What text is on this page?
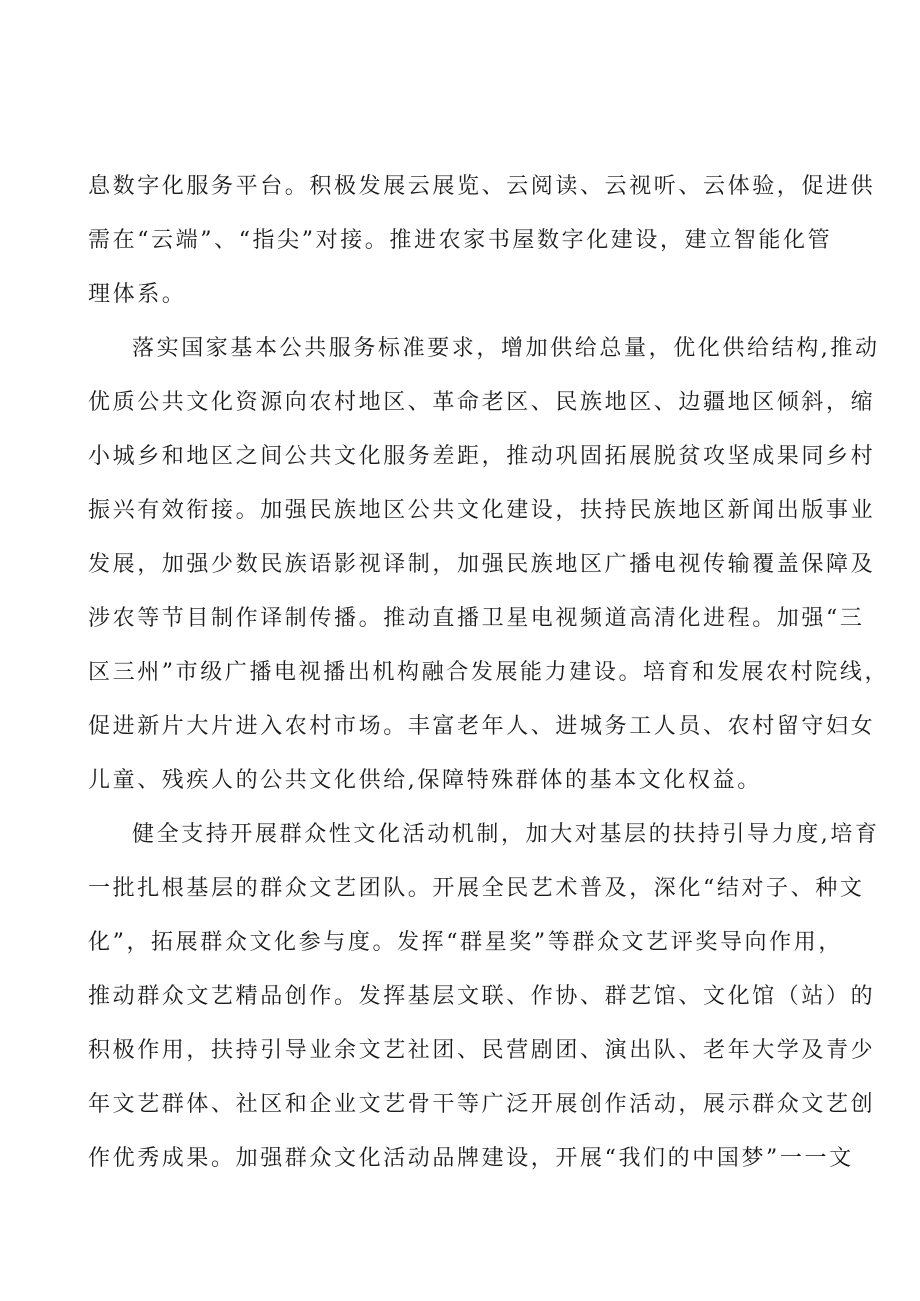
息数字化服务平台。积极发展云展览、云阅读、云视听、云体验，促进供
需在“云端”、“指尖”对接。推进农家书屋数字化建设，建立智能化管
理体系。
落实国家基本公共服务标准要求，增加供给总量，优化供给结构,推动
优质公共文化资源向农村地区、革命老区、民族地区、边疆地区倾斜，缩
小城乡和地区之间公共文化服务差距，推动巩固拓展脱贫攻坚成果同乡村
振兴有效衔接。加强民族地区公共文化建设，扶持民族地区新闻出版事业
发展，加强少数民族语影视译制，加强民族地区广播电视传输覆盖保障及
涉农等节目制作译制传播。推动直播卫星电视频道高清化进程。加强“三
区三州”市级广播电视播出机构融合发展能力建设。培育和发展农村院线，
促进新片大片进入农村市场。丰富老年人、进城务工人员、农村留守妇女
儿童、残疾人的公共文化供给,保障特殊群体的基本文化权益。
健全支持开展群众性文化活动机制，加大对基层的扶持引导力度,培育
一批扎根基层的群众文艺团队。开展全民艺术普及，深化“结对子、种文
化”，拓展群众文化参与度。发挥“群星奖”等群众文艺评奖导向作用，
推动群众文艺精品创作。发挥基层文联、作协、群艺馆、文化馆（站）的
积极作用，扶持引导业余文艺社团、民营剧团、演出队、老年大学及青少
年文艺群体、社区和企业文艺骨干等广泛开展创作活动，展示群众文艺创
作优秀成果。加强群众文化活动品牌建设，开展“我们的中国梦”一一文
